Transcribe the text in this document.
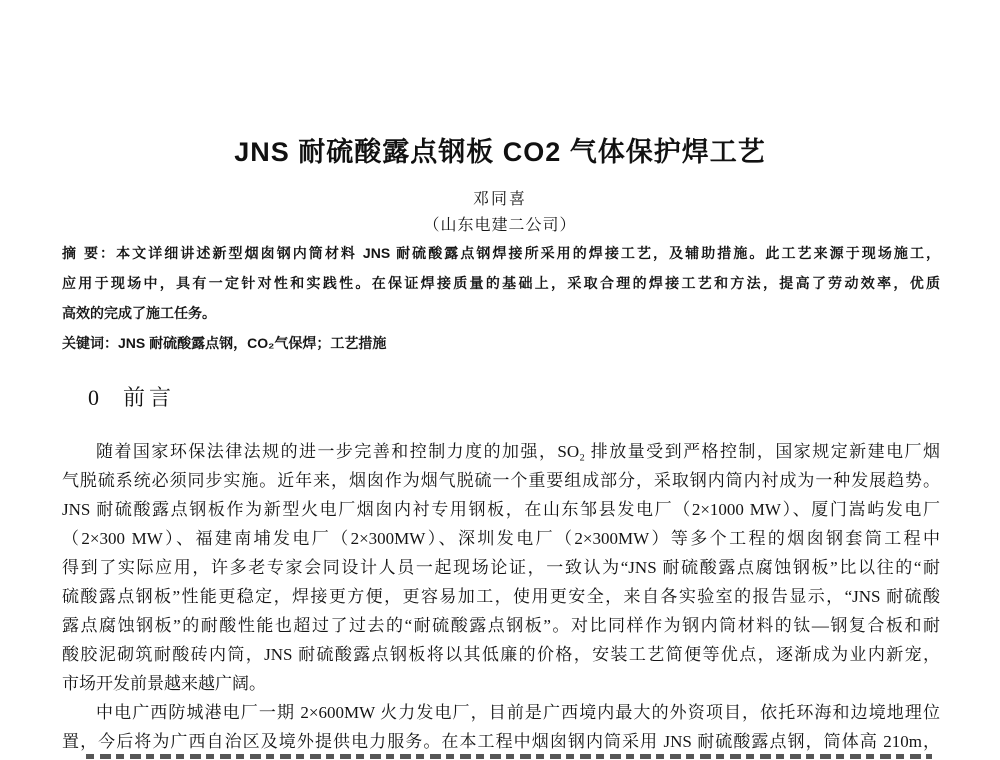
JNS 耐硫酸露点钢板 CO2 气体保护焊工艺
邓同喜
（山东电建二公司）
摘 要：本文详细讲述新型烟囱钢内筒材料 JNS 耐硫酸露点钢焊接所采用的焊接工艺，及辅助措施。此工艺来源于现场施工，
应用于现场中，具有一定针对性和实践性。在保证焊接质量的基础上，采取合理的焊接工艺和方法，提高了劳动效率，优质
高效的完成了施工任务。
关键词：JNS 耐硫酸露点钢，CO₂气保焊；工艺措施
0 前言
随着国家环保法律法规的进一步完善和控制力度的加强，SO₂ 排放量受到严格控制，国家规定新建电厂烟
气脱硫系统必须同步实施。近年来，烟囱作为烟气脱硫一个重要组成部分，采取钢内筒内衬成为一种发展趋势。
JNS 耐硫酸露点钢板作为新型火电厂烟囱内衬专用钢板，在山东邹县发电厂（2×1000 MW）、厦门嵩屿发电厂
（2×300 MW）、福建南埔发电厂（2×300MW）、深圳发电厂（2×300MW）等多个工程的烟囱钢套筒工程中
得到了实际应用，许多老专家会同设计人员一起现场论证，一致认为“JNS 耐硫酸露点腐蚀钢板”比以往的“耐
硫酸露点钢板”性能更稳定，焊接更方便，更容易加工，使用更安全，来自各实验室的报告显示，“JNS 耐硫酸
露点腐蚀钢板”的耐酸性能也超过了过去的“耐硫酸露点钢板”。对比同样作为钢内筒材料的钛—钢复合板和耐
酸胶泥砌筑耐酸砖内筒，JNS 耐硫酸露点钢板将以其低廉的价格，安装工艺简便等优点，逐渐成为业内新宠，
市场开发前景越来越广阔。
中电广西防城港电厂一期 2×600MW 火力发电厂，目前是广西境内最大的外资项目，依托环海和边境地理位
置，今后将为广西自治区及境外提供电力服务。在本工程中烟囱钢内筒采用 JNS 耐硫酸露点钢，筒体高 210m，
